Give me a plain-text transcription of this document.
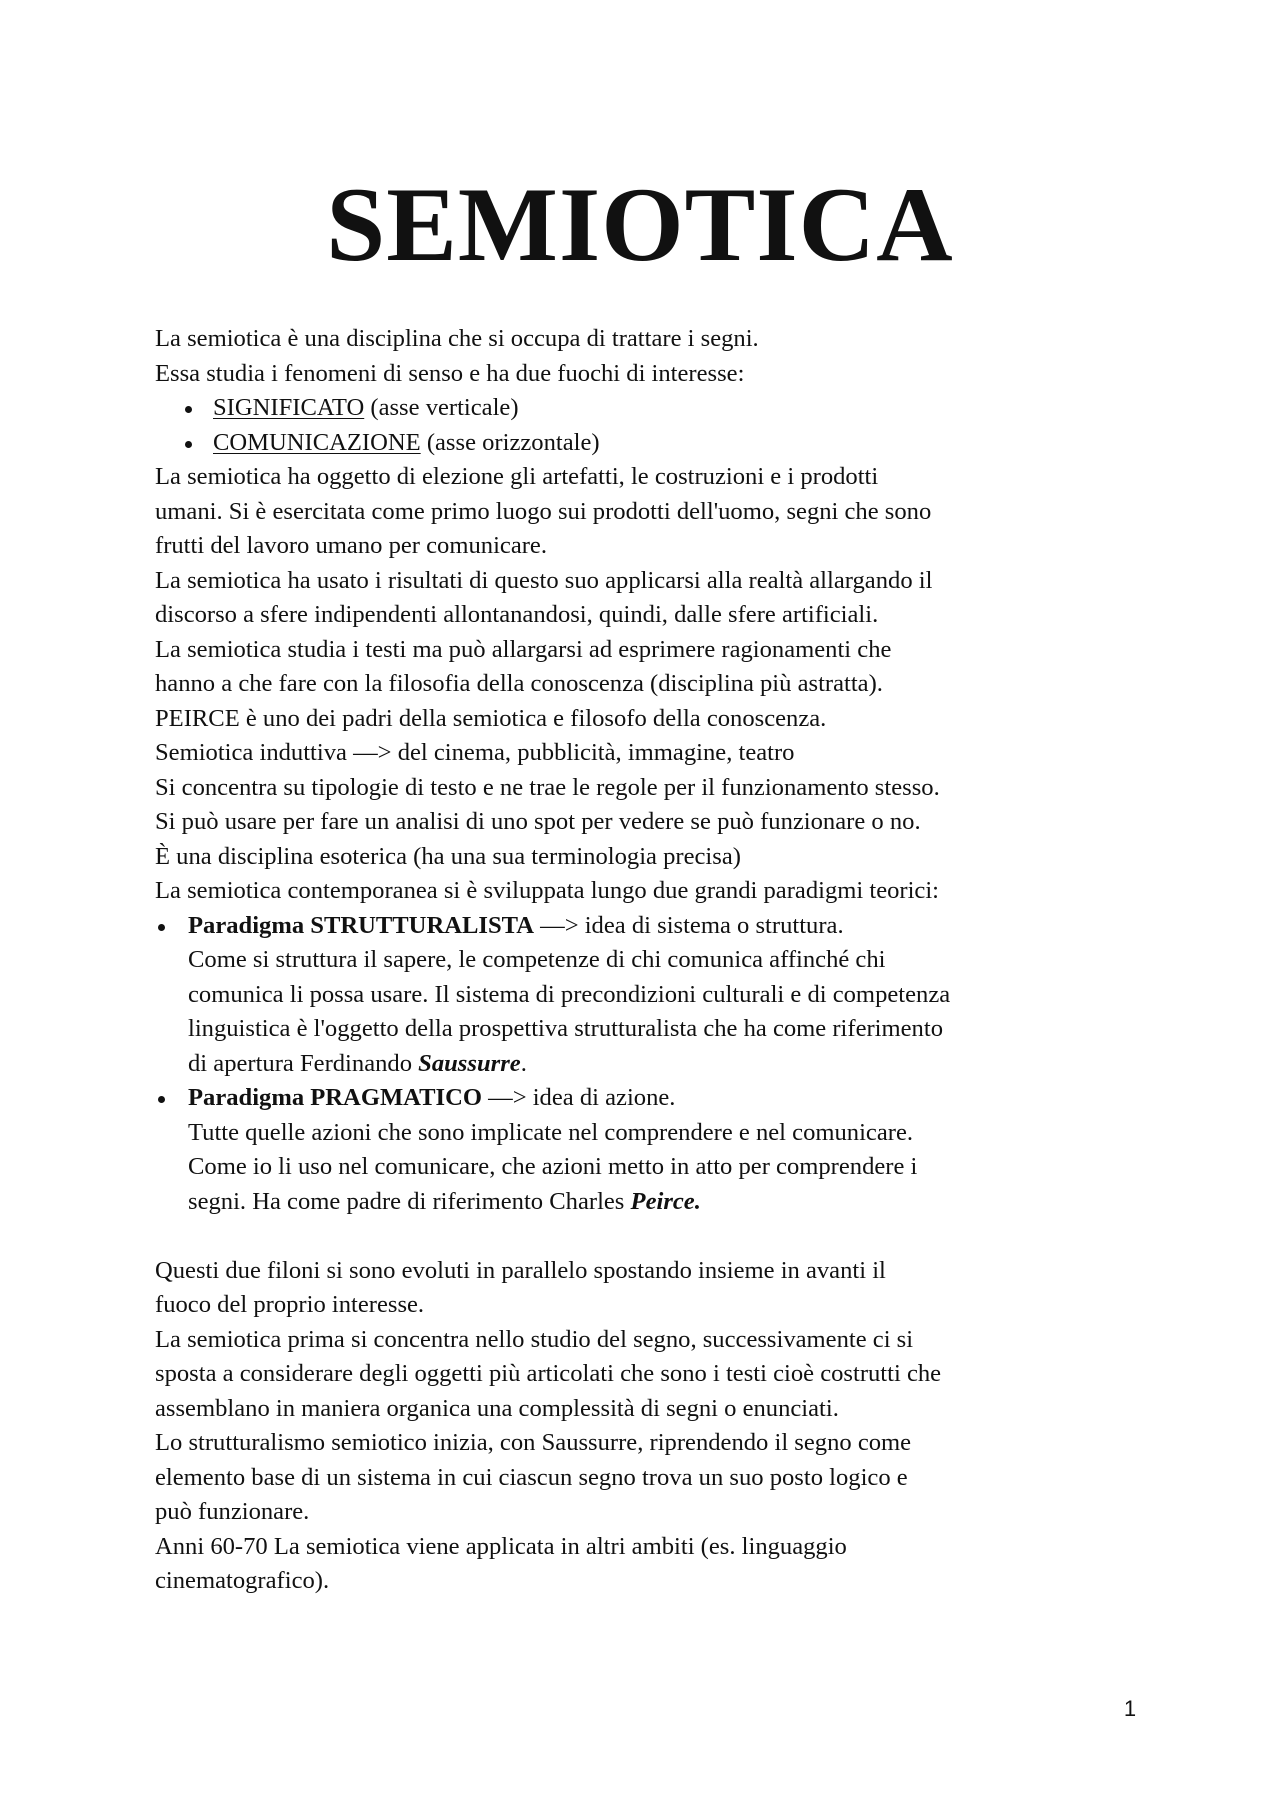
SEMIOTICA
La semiotica è una disciplina che si occupa di trattare i segni.
Essa studia i fenomeni di senso e ha due fuochi di interesse:
SIGNIFICATO (asse verticale)
COMUNICAZIONE (asse orizzontale)
La semiotica ha oggetto di elezione gli artefatti, le costruzioni e i prodotti
umani. Si è esercitata come primo luogo sui prodotti dell'uomo, segni che sono
frutti del lavoro umano per comunicare.
La semiotica ha usato i risultati di questo suo applicarsi alla realtà allargando il
discorso a sfere indipendenti allontanandosi, quindi, dalle sfere artificiali.
La semiotica studia i testi ma può allargarsi ad esprimere ragionamenti che
hanno a che fare con la filosofia della conoscenza (disciplina più astratta).
PEIRCE è uno dei padri della semiotica e filosofo della conoscenza.
Semiotica induttiva —> del cinema, pubblicità, immagine, teatro
Si concentra su tipologie di testo e ne trae le regole per il funzionamento stesso.
Si può usare per fare un analisi di uno spot per vedere se può funzionare o no.
È una disciplina esoterica (ha una sua terminologia precisa)
La semiotica contemporanea si è sviluppata lungo due grandi paradigmi teorici:
Paradigma STRUTTURALISTA —> idea di sistema o struttura.
Come si struttura il sapere, le competenze di chi comunica affinché chi
comunica li possa usare. Il sistema di precondizioni culturali e di competenza
linguistica è l'oggetto della prospettiva strutturalista che ha come riferimento
di apertura Ferdinando Saussurre.
Paradigma PRAGMATICO —> idea di azione.
Tutte quelle azioni che sono implicate nel comprendere e nel comunicare.
Come io li uso nel comunicare, che azioni metto in atto per comprendere i
segni. Ha come padre di riferimento Charles Peirce.
Questi due filoni si sono evoluti in parallelo spostando insieme in avanti il
fuoco del proprio interesse.
La semiotica prima si concentra nello studio del segno, successivamente ci si
sposta a considerare degli oggetti più articolati che sono i testi cioè costrutti che
assemblano in maniera organica una complessità di segni o enunciati.
Lo strutturalismo semiotico inizia, con Saussurre, riprendendo il segno come
elemento base di un sistema in cui ciascun segno trova un suo posto logico e
può funzionare.
Anni 60-70 La semiotica viene applicata in altri ambiti (es. linguaggio
cinematografico).
1
